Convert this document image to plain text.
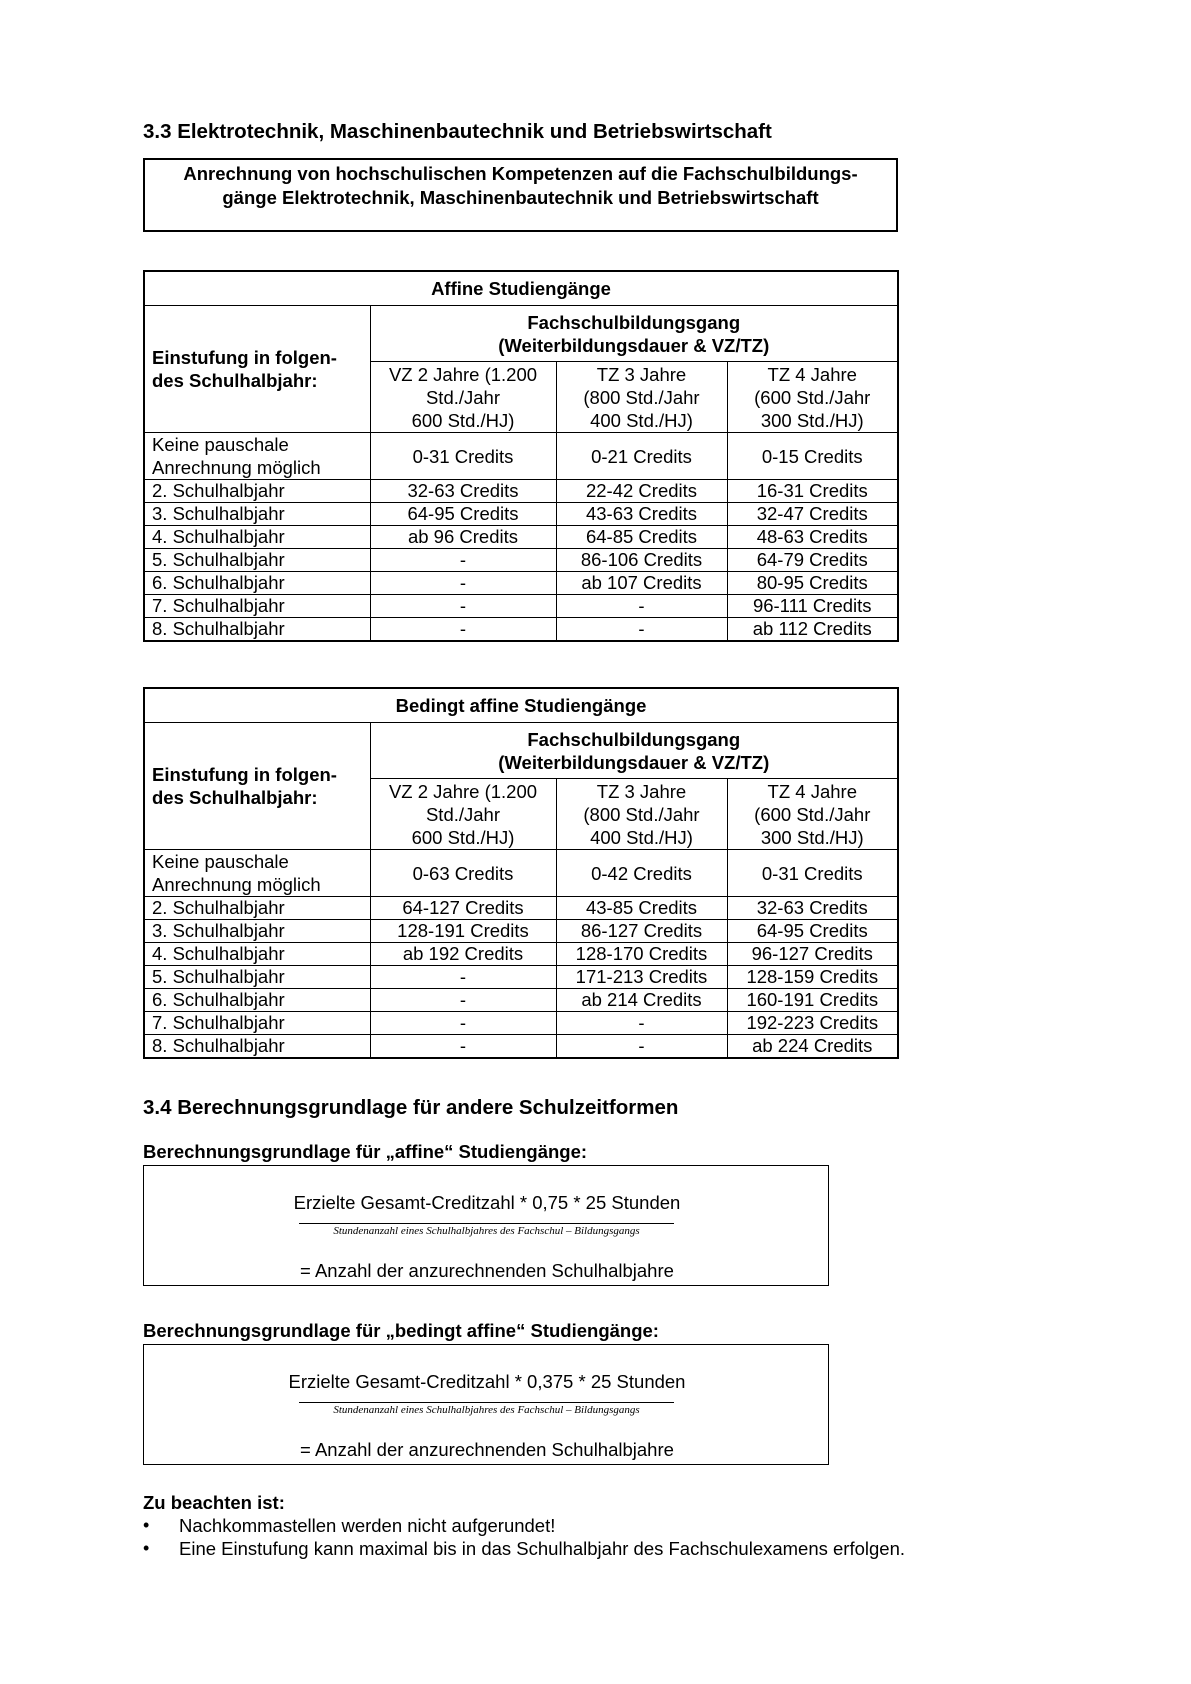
3.3 Elektrotechnik, Maschinenbautechnik und Betriebswirtschaft
Anrechnung von hochschulischen Kompetenzen auf die Fachschulbildungs-
gänge Elektrotechnik, Maschinenbautechnik und Betriebswirtschaft
Affine Studiengänge			
Einstufung in folgen-
des Schulhalbjahr:	Fachschulbildungsgang
(Weiterbildungsdauer & VZ/TZ)		
	VZ 2 Jahre (1.200
Std./Jahr
600 Std./HJ)	TZ 3 Jahre
(800 Std./Jahr
400 Std./HJ)	TZ 4 Jahre
(600 Std./Jahr
300 Std./HJ)
Keine pauschale
Anrechnung möglich	0-31 Credits	0-21 Credits	0-15 Credits
2. Schulhalbjahr	32-63 Credits	22-42 Credits	16-31 Credits
3. Schulhalbjahr	64-95 Credits	43-63 Credits	32-47 Credits
4. Schulhalbjahr	ab 96 Credits	64-85 Credits	48-63 Credits
5. Schulhalbjahr	-	86-106 Credits	64-79 Credits
6. Schulhalbjahr	-	ab 107 Credits	80-95 Credits
7. Schulhalbjahr	-	-	96-111 Credits
8. Schulhalbjahr	-	-	ab 112 Credits
Bedingt affine Studiengänge			
Einstufung in folgen-
des Schulhalbjahr:	Fachschulbildungsgang
(Weiterbildungsdauer & VZ/TZ)		
	VZ 2 Jahre (1.200
Std./Jahr
600 Std./HJ)	TZ 3 Jahre
(800 Std./Jahr
400 Std./HJ)	TZ 4 Jahre
(600 Std./Jahr
300 Std./HJ)
Keine pauschale
Anrechnung möglich	0-63 Credits	0-42 Credits	0-31 Credits
2. Schulhalbjahr	64-127 Credits	43-85 Credits	32-63 Credits
3. Schulhalbjahr	128-191 Credits	86-127 Credits	64-95 Credits
4. Schulhalbjahr	ab 192 Credits	128-170 Credits	96-127 Credits
5. Schulhalbjahr	-	171-213 Credits	128-159 Credits
6. Schulhalbjahr	-	ab 214 Credits	160-191 Credits
7. Schulhalbjahr	-	-	192-223 Credits
8. Schulhalbjahr	-	-	ab 224 Credits
3.4 Berechnungsgrundlage für andere Schulzeitformen
Berechnungsgrundlage für „affine“ Studiengänge:
Erzielte Gesamt-Creditzahl * 0,75 * 25 Stunden
Stundenanzahl eines Schulhalbjahres des Fachschul – Bildungsgangs
= Anzahl der anzurechnenden Schulhalbjahre
Berechnungsgrundlage für „bedingt affine“ Studiengänge:
Erzielte Gesamt-Creditzahl * 0,375 * 25 Stunden
Stundenanzahl eines Schulhalbjahres des Fachschul – Bildungsgangs
= Anzahl der anzurechnenden Schulhalbjahre
Zu beachten ist:
• Nachkommastellen werden nicht aufgerundet!
• Eine Einstufung kann maximal bis in das Schulhalbjahr des Fachschulexamens erfolgen.
